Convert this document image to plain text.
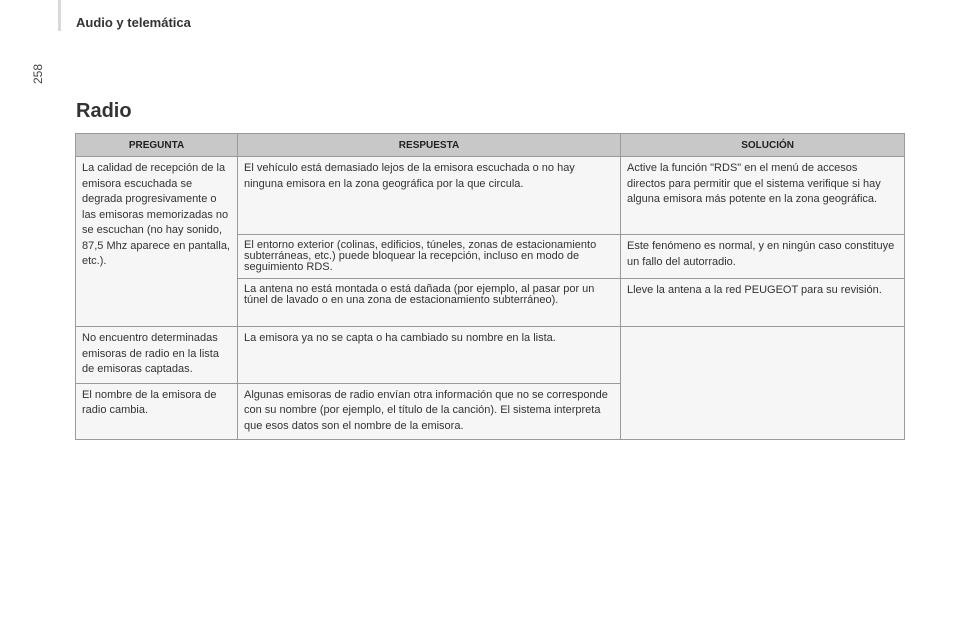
Audio y telemática
258
Radio
PREGUNTA	RESPUESTA	SOLUCIÓN
La calidad de recepción de la emisora escuchada se degrada progresivamente o las emisoras memorizadas no se escuchan (no hay sonido, 87,5 Mhz aparece en pantalla, etc.).	El vehículo está demasiado lejos de la emisora escuchada o no hay ninguna emisora en la zona geográfica por la que circula.	Active la función "RDS" en el menú de accesos directos para permitir que el sistema verifique si hay alguna emisora más potente en la zona geográfica.
	El entorno exterior (colinas, edificios, túneles, zonas de estacionamiento subterráneas, etc.) puede bloquear la recepción, incluso en modo de seguimiento RDS.	Este fenómeno es normal, y en ningún caso constituye un fallo del autorradio.
	La antena no está montada o está dañada (por ejemplo, al pasar por un túnel de lavado o en una zona de estacionamiento subterráneo).	Lleve la antena a la red PEUGEOT para su revisión.
No encuentro determinadas emisoras de radio en la lista de emisoras captadas.	La emisora ya no se capta o ha cambiado su nombre en la lista.	

El nombre de la emisora de radio cambia.	Algunas emisoras de radio envían otra información que no se corresponde con su nombre (por ejemplo, el título de la canción). El sistema interpreta que esos datos son el nombre de la emisora.	
